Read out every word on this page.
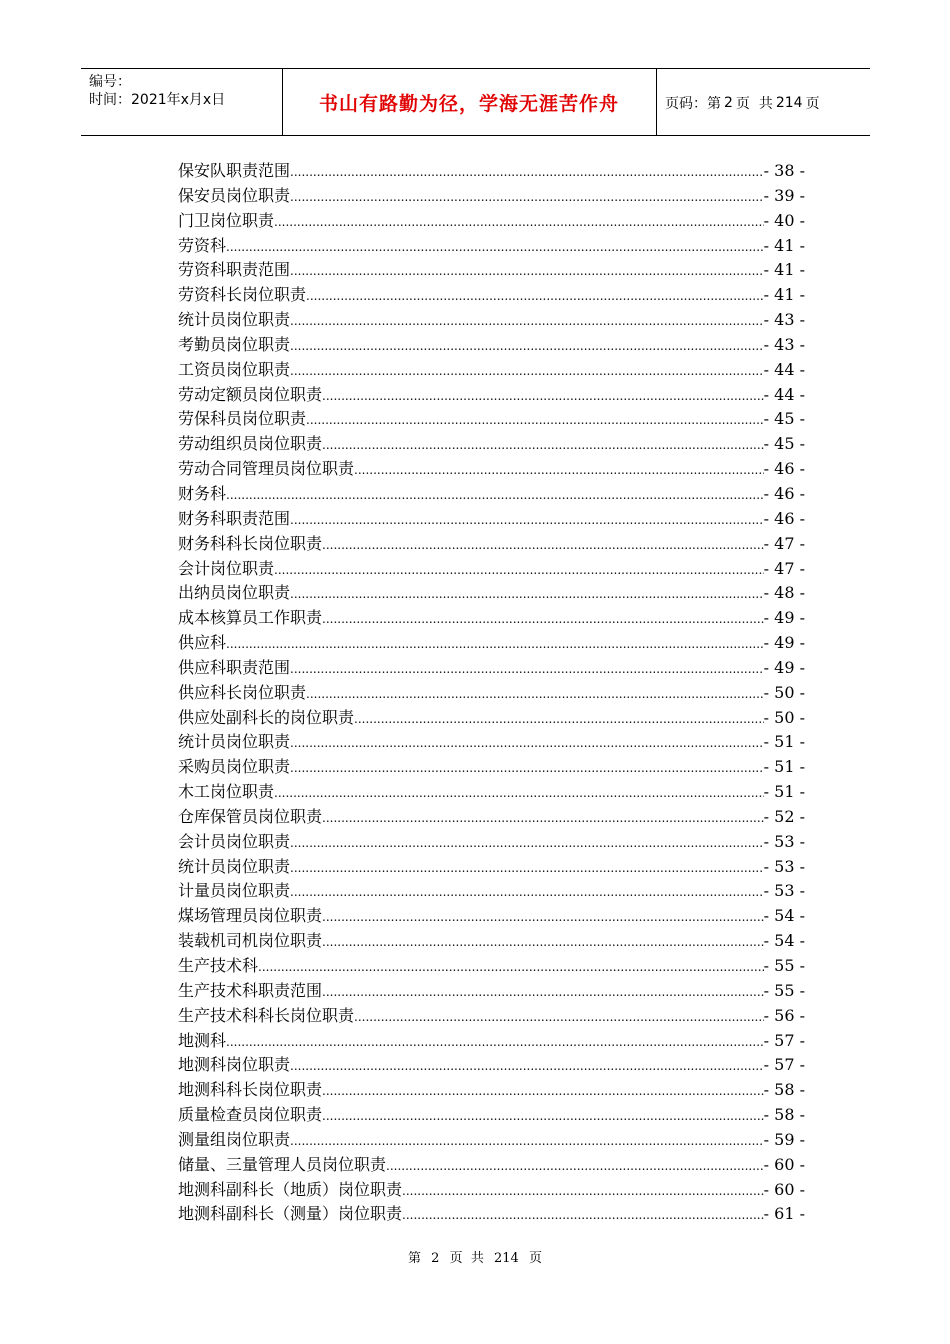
编号：
时间：2021年x月x日	书山有路勤为径，学海无涯苦作舟	页码：第 2 页  共 214 页
保安队职责范围 .....	- 38 -
保安员岗位职责 .....	- 39 -
门卫岗位职责 .....	- 40 -
劳资科 .....	- 41 -
劳资科职责范围 .....	- 41 -
劳资科长岗位职责 .....	- 41 -
统计员岗位职责 .....	- 43 -
考勤员岗位职责 .....	- 43 -
工资员岗位职责 .....	- 44 -
劳动定额员岗位职责 .....	- 44 -
劳保科员岗位职责 .....	- 45 -
劳动组织员岗位职责 .....	- 45 -
劳动合同管理员岗位职责 .....	- 46 -
财务科 .....	- 46 -
财务科职责范围 .....	- 46 -
财务科科长岗位职责 .....	- 47 -
会计岗位职责 .....	- 47 -
出纳员岗位职责 .....	- 48 -
成本核算员工作职责 .....	- 49 -
供应科 .....	- 49 -
供应科职责范围 .....	- 49 -
供应科长岗位职责 .....	- 50 -
供应处副科长的岗位职责 .....	- 50 -
统计员岗位职责 .....	- 51 -
采购员岗位职责 .....	- 51 -
木工岗位职责 .....	- 51 -
仓库保管员岗位职责 .....	- 52 -
会计员岗位职责 .....	- 53 -
统计员岗位职责 .....	- 53 -
计量员岗位职责 .....	- 53 -
煤场管理员岗位职责 .....	- 54 -
装载机司机岗位职责 .....	- 54 -
生产技术科 .....	- 55 -
生产技术科职责范围 .....	- 55 -
生产技术科科长岗位职责 .....	- 56 -
地测科 .....	- 57 -
地测科岗位职责 .....	- 57 -
地测科科长岗位职责 .....	- 58 -
质量检查员岗位职责 .....	- 58 -
测量组岗位职责 .....	- 59 -
储量、三量管理人员岗位职责 .....	- 60 -
地测科副科长（地质）岗位职责 .....	- 60 -
地测科副科长（测量）岗位职责 .....	- 61 -
第 2 页  共 214 页
